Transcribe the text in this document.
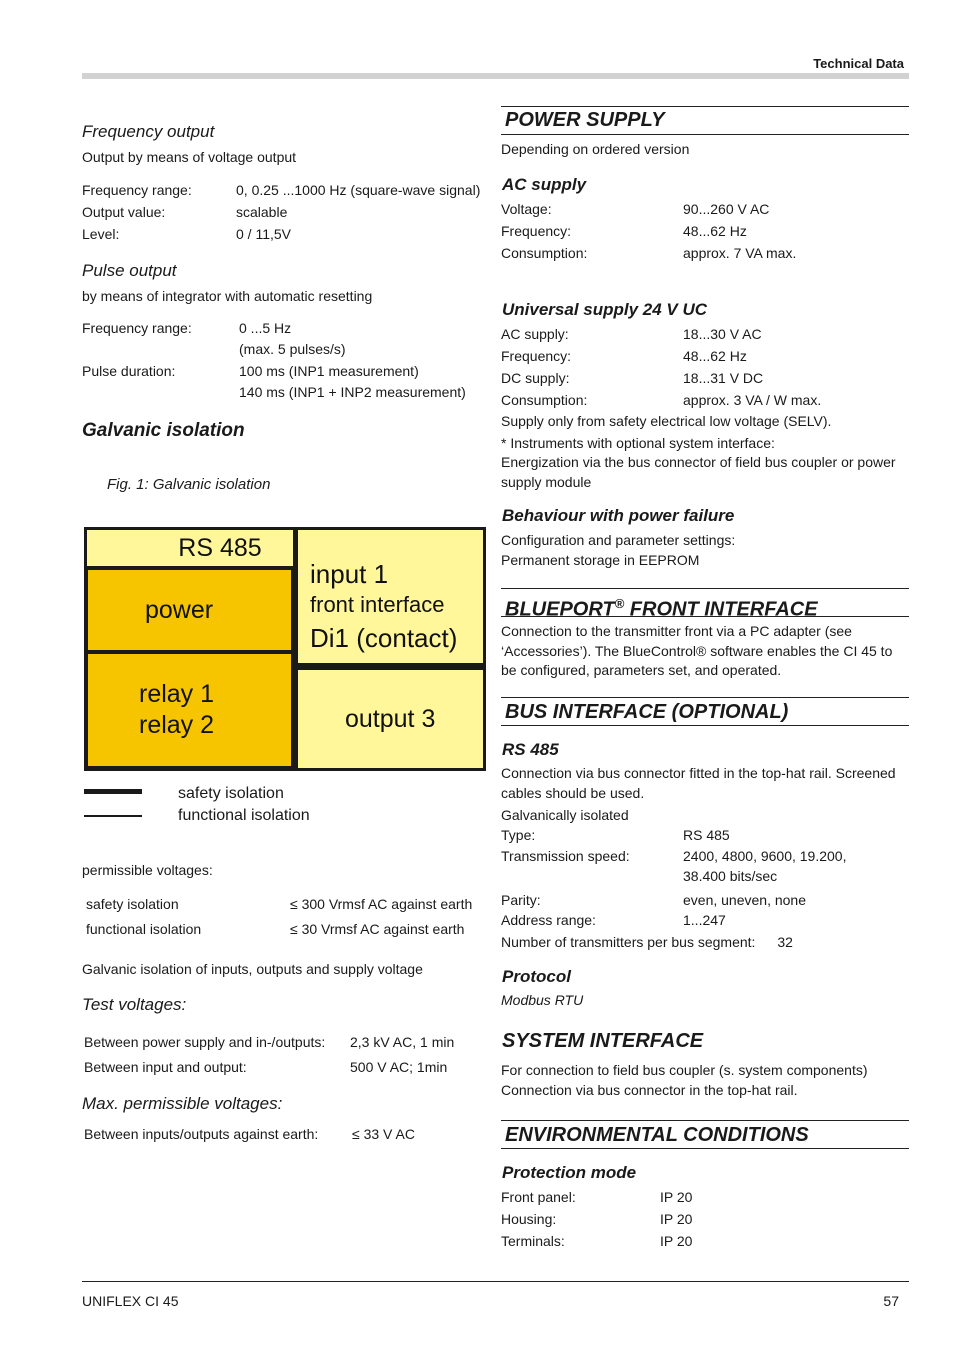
Technical Data
Frequency output
Output by means of voltage output
Frequency range:	0, 0.25 ...1000 Hz (square-wave signal)
Output value:	scalable
Level:	0 / 11,5V
Pulse output
by means of integrator with automatic resetting
Frequency range:	0 ...5 Hz
(max. 5 pulses/s)
Pulse duration:	100 ms (INP1 measurement)
140 ms (INP1 + INP2 measurement)
Galvanic isolation
Fig. 1: Galvanic isolation
RS 485
power
relay 1
relay 2
input 1
front interface
Di1 (contact)
output 3
safety isolation
functional isolation
permissible voltages:
safety isolation	≤ 300 Vrmsf AC against earth
functional isolation	≤ 30 Vrmsf AC against earth
Galvanic isolation of inputs, outputs and supply voltage
Test voltages:
Between power supply and in-/outputs: 2,3 kV AC, 1 min
Between input and output:	500 V AC; 1min
Max. permissible voltages:
Between inputs/outputs against earth: ≤ 33 V AC
POWER SUPPLY
Depending on ordered version
AC supply
Voltage:	90...260 V AC
Frequency:	48...62 Hz
Consumption:	approx. 7 VA max.
Universal supply 24 V UC
AC supply:	18...30 V AC
Frequency:	48...62 Hz
DC supply:	18...31 V DC
Consumption:	approx. 3 VA / W max.
Supply only from safety electrical low voltage (SELV).
* Instruments with optional system interface:
Energization via the bus connector of field bus coupler or power supply module
Behaviour with power failure
Configuration and parameter settings:
Permanent storage in EEPROM
BLUEPORT® FRONT INTERFACE
Connection to the transmitter front via a PC adapter (see ‘Accessories’). The BlueControl® software enables the CI 45 to be configured, parameters set, and operated.
BUS INTERFACE (OPTIONAL)
RS 485
Connection via bus connector fitted in the top-hat rail. Screened cables should be used.
Galvanically isolated
Type:	RS 485
Transmission speed:	2400, 4800, 9600, 19.200,
38.400 bits/sec
Parity:	even, uneven, none
Address range:	1...247
Number of transmitters per bus segment: 32
Protocol
Modbus RTU
SYSTEM INTERFACE
For connection to field bus coupler (s. system components)
Connection via bus connector in the top-hat rail.
ENVIRONMENTAL CONDITIONS
Protection mode
Front panel:	IP 20
Housing:	IP 20
Terminals:	IP 20
UNIFLEX CI 45	57
